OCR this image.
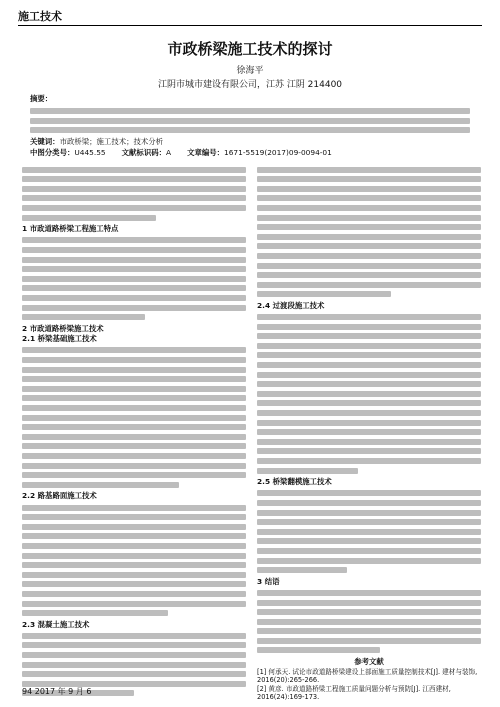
施工技术
市政桥梁施工技术的探讨
徐海平
江阴市城市建设有限公司，江苏 江阴 214400
摘要：
关键词：市政桥梁；施工技术；技术分析
中图分类号：U445.55 文献标识码：A 文章编号：1671-5519(2017)09-0094-01
1 市政道路桥梁工程施工特点
2 市政道路桥梁施工技术
2.1 桥梁基础施工技术
2.2 路基路面施工技术
2.3 混凝土施工技术
2.4 过渡段施工技术
2.5 桥梁翻模施工技术
3 结语
参考文献
[1] 何承天. 试论市政道路桥梁建设上部面施工质量控制技术[J]. 建材与装饰, 2016(20):265-266.
[2] 黄彦. 市政道路桥梁工程施工质量问题分析与预防[J]. 江西建材, 2016(24):169-173.
94 2017 年 9 月 6
